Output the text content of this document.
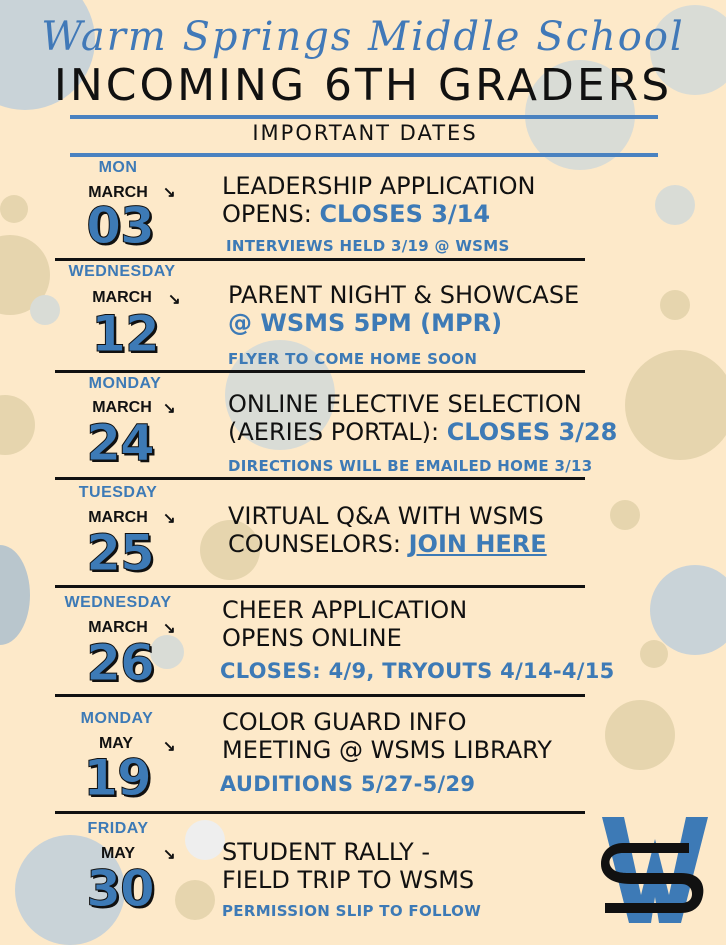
Warm Springs Middle School
INCOMING 6TH GRADERS
IMPORTANT DATES
MON
MARCH	↘
03
LEADERSHIP APPLICATION
OPENS: CLOSES 3/14
INTERVIEWS HELD 3/19 @ WSMS
WEDNESDAY
MARCH	↘
12
PARENT NIGHT & SHOWCASE
@ WSMS 5PM (MPR)
FLYER TO COME HOME SOON
MONDAY
MARCH ↘
24
ONLINE ELECTIVE SELECTION
(AERIES PORTAL): CLOSES 3/28
DIRECTIONS WILL BE EMAILED HOME 3/13
TUESDAY
MARCH	↘
25
VIRTUAL Q&A WITH WSMS
COUNSELORS: JOIN HERE
WEDNESDAY
MARCH	↘
26
CHEER APPLICATION
OPENS ONLINE
CLOSES: 4/9, TRYOUTS 4/14-4/15
MONDAY
MAY	↘
19
COLOR GUARD INFO
MEETING @ WSMS LIBRARY
AUDITIONS 5/27-5/29
FRIDAY
MAY	↘
30
STUDENT RALLY -
FIELD TRIP TO WSMS
PERMISSION SLIP TO FOLLOW
